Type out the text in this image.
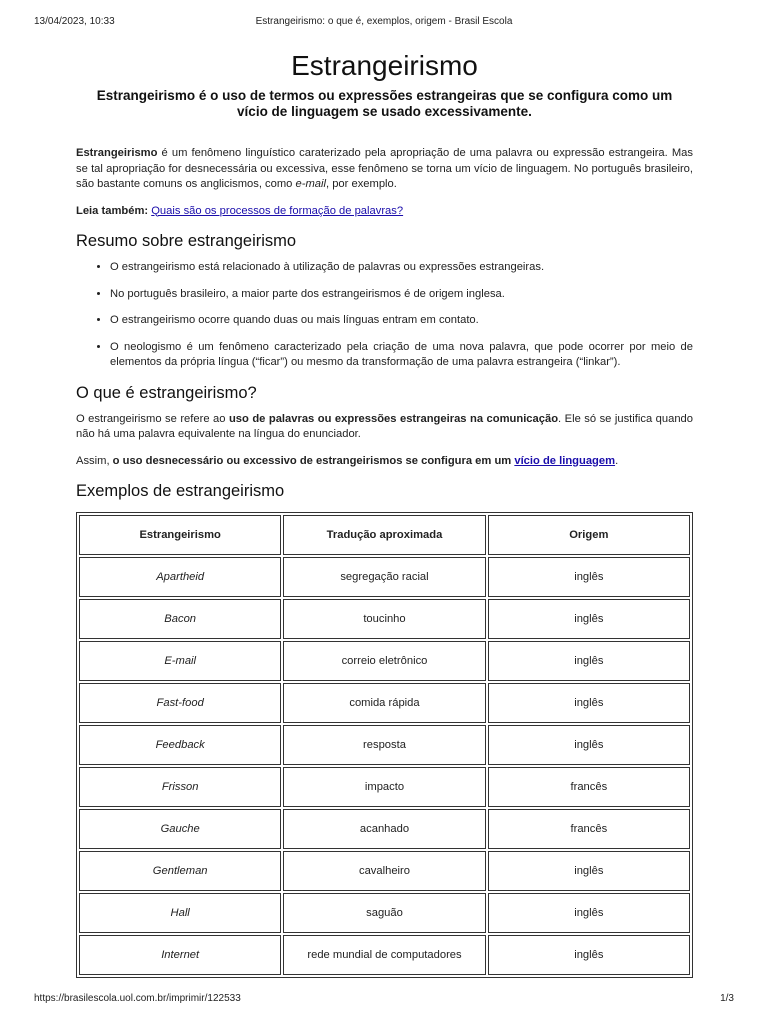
13/04/2023, 10:33	Estrangeirismo: o que é, exemplos, origem - Brasil Escola
Estrangeirismo
Estrangeirismo é o uso de termos ou expressões estrangeiras que se configura como um vício de linguagem se usado excessivamente.

Estrangeirismo é um fenômeno linguístico caraterizado pela apropriação de uma palavra ou expressão estrangeira. Mas se tal apropriação for desnecessária ou excessiva, esse fenômeno se torna um vício de linguagem. No português brasileiro, são bastante comuns os anglicismos, como e-mail, por exemplo.

Leia também: Quais são os processos de formação de palavras?

Resumo sobre estrangeirismo
• O estrangeirismo está relacionado à utilização de palavras ou expressões estrangeiras.
• No português brasileiro, a maior parte dos estrangeirismos é de origem inglesa.
• O estrangeirismo ocorre quando duas ou mais línguas entram em contato.
• O neologismo é um fenômeno caracterizado pela criação de uma nova palavra, que pode ocorrer por meio de elementos da própria língua (“ficar”) ou mesmo da transformação de uma palavra estrangeira (“linkar”).
O que é estrangeirismo?

O estrangeirismo se refere ao uso de palavras ou expressões estrangeiras na comunicação. Ele só se justifica quando não há uma palavra equivalente na língua do enunciador.

Assim, o uso desnecessário ou excessivo de estrangeirismos se configura em um vício de linguagem.

Exemplos de estrangeirismo
Estrangeirismo	Tradução aproximada	Origem
Apartheid	segregação racial	inglês
Bacon	toucinho	inglês
E-mail	correio eletrônico	inglês
Fast-food	comida rápida	inglês
Feedback	resposta	inglês
Frisson	impacto	francês
Gauche	acanhado	francês
Gentleman	cavalheiro	inglês
Hall	saguão	inglês
Internet	rede mundial de computadores	inglês
https://brasilescola.uol.com.br/imprimir/122533	1/3
